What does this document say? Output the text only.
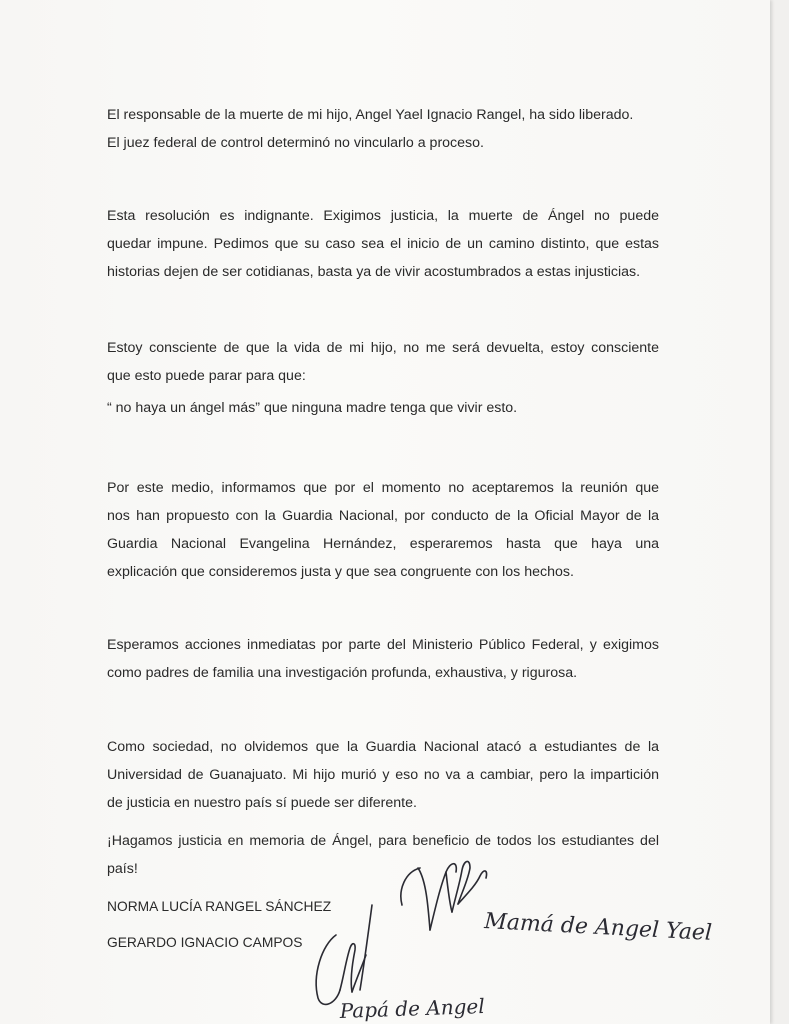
El responsable de la muerte de mi hijo, Angel Yael Ignacio Rangel, ha sido liberado.
El juez federal de control determinó no vincularlo a proceso.
Esta resolución es indignante. Exigimos justicia, la muerte de Ángel no puede
quedar impune. Pedimos que su caso sea el inicio de un camino distinto, que estas
historias dejen de ser cotidianas, basta ya de vivir acostumbrados a estas injusticias.
Estoy consciente de que la vida de mi hijo, no me será devuelta, estoy consciente
que esto puede parar para que:
“ no haya un ángel más” que ninguna madre tenga que vivir esto.
Por este medio, informamos que por el momento no aceptaremos la reunión que
nos han propuesto con la Guardia Nacional, por conducto de la Oficial Mayor de la
Guardia Nacional Evangelina Hernández, esperaremos hasta que haya una
explicación que consideremos justa y que sea congruente con los hechos.
Esperamos acciones inmediatas por parte del Ministerio Público Federal, y exigimos
como padres de familia una investigación profunda, exhaustiva, y rigurosa.
Como sociedad, no olvidemos que la Guardia Nacional atacó a estudiantes de la
Universidad de Guanajuato. Mi hijo murió y eso no va a cambiar, pero la impartición
de justicia en nuestro país sí puede ser diferente.
¡Hagamos justicia en memoria de Ángel, para beneficio de todos los estudiantes del
país!
NORMA LUCÍA RANGEL SÁNCHEZ
GERARDO IGNACIO CAMPOS	Mamá de Angel Yael
Papá de Angel
